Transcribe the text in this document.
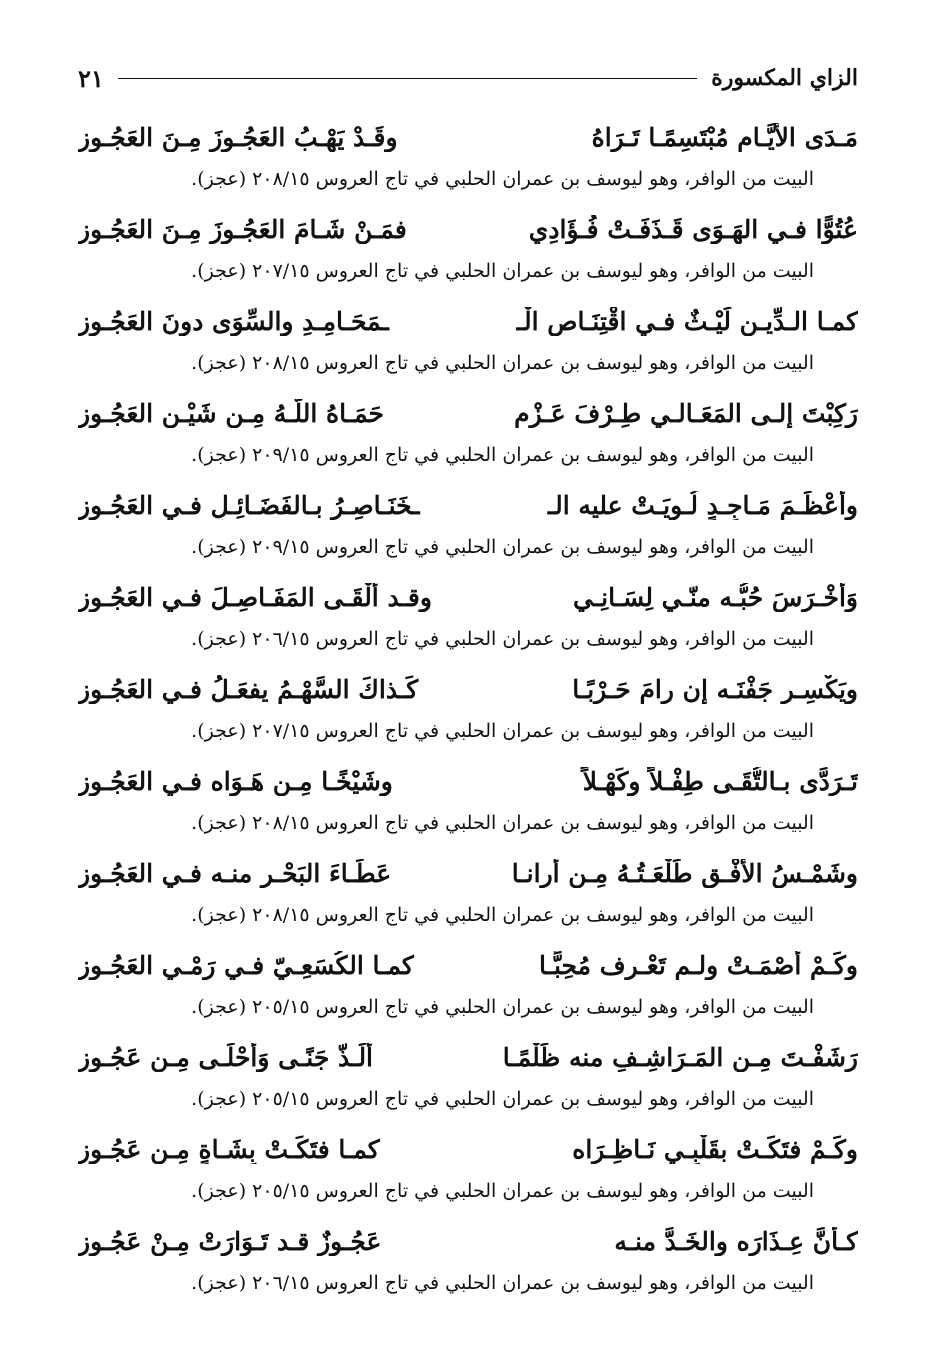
الزاي المكسورة
٢١
مَـدَى الأَيَّـام مُبْتَسِمًـا تَـرَاهُ
وقَـدْ يَهْـبُ العَجُـوزَ مِـنَ العَجُـوزِ
البيت من الوافر، وهو ليوسف بن عمران الحلبي في تاج العروس ٢٠٨/١٥ (عجز).
عُتُوًّا فـي الهَـوَى قَـذَفَـتْ فُـؤَادِي
فمَـنْ شَـامَ العَجُـوزَ مِـنَ العَجُـوزِ
البيت من الوافر، وهو ليوسف بن عمران الحلبي في تاج العروس ٢٠٧/١٥ (عجز).
كمـا الـدِّيـن لَيْـثٌ فـي اقْتِنَـاصِ الْـ
ـمَحَـامِـدِ والسِّوَى دونَ العَجُـوزِ
البيت من الوافر، وهو ليوسف بن عمران الحلبي في تاج العروس ٢٠٨/١٥ (عجز).
رَكِبْتَ إلـى المَعَـالـي طِـرْفَ عَـزْمٍ
حَمَـاهُ اللّـهُ مِـن شَيْـنِ العَجُـوزِ
البيت من الوافر، وهو ليوسف بن عمران الحلبي في تاج العروس ٢٠٩/١٥ (عجز).
وأَعْظَـمَ مَـاجِـدٍ لُـوِيَـتْ عليه الـ
ـخَنَـاصِـرُ بـالفَضَـائِـلِ فـي العَجُـوزِ
البيت من الوافر، وهو ليوسف بن عمران الحلبي في تاج العروس ٢٠٩/١٥ (عجز).
وَأَخْـرَسَ حُبُّـه منّـي لِسَـانِـي
وقـد أَلْقَـى المَفَـاصِـلَ فـي العَجُـوزِ
البيت من الوافر، وهو ليوسف بن عمران الحلبي في تاج العروس ٢٠٦/١٥ (عجز).
ويَكْسِـر جَفْنَـه إن رامَ حَـرْبًـا
كَـذاكَ السَّهْـمُ يفعَـلُ فـي العَجُـوزِ
البيت من الوافر، وهو ليوسف بن عمران الحلبي في تاج العروس ٢٠٧/١٥ (عجز).
تَـرَدَّى بـالتُّقَـى طِفْـلاً وكَهْـلاً
وشَيْخًـا مِـن هَـوَاه فـي العَجُـوزِ
البيت من الوافر، وهو ليوسف بن عمران الحلبي في تاج العروس ٢٠٨/١٥ (عجز).
وشَمْـسُ الأُفْـقِ طَلْعَـتُـهُ مِـن أَرانـا
عَطَـاءَ البَحْـرِ منـه فـي العَجُـوزِ
البيت من الوافر، وهو ليوسف بن عمران الحلبي في تاج العروس ٢٠٨/١٥ (عجز).
وكَـمْ أَصْمَـتْ ولـم تَعْـرِف مُحِبًّـا
كمـا الكُسَعِـيّ فـي رَمْـيِ العَجُـوزِ
البيت من الوافر، وهو ليوسف بن عمران الحلبي في تاج العروس ٢٠٥/١٥ (عجز).
رَشَفْـتَ مِـن المَـرَاشِـفِ منه ظَلْمًـا
أَلَـذّ جَنًـى وَأَحْلَـى مِـن عَجُـوزِ
البيت من الوافر، وهو ليوسف بن عمران الحلبي في تاج العروس ٢٠٥/١٥ (عجز).
وكَـمْ فتَكَـتْ بقَلْبِـي نَـاظِـرَاه
كمـا فتَكَـتْ بِشَـاةٍ مِـن عَجُـوزِ
البيت من الوافر، وهو ليوسف بن عمران الحلبي في تاج العروس ٢٠٥/١٥ (عجز).
كـأَنَّ عِـذَارَه والخَـدَّ منـه
عَجُـوزٌ قـد تَـوَارَتْ مِـنْ عَجُـوزِ
البيت من الوافر، وهو ليوسف بن عمران الحلبي في تاج العروس ٢٠٦/١٥ (عجز).
